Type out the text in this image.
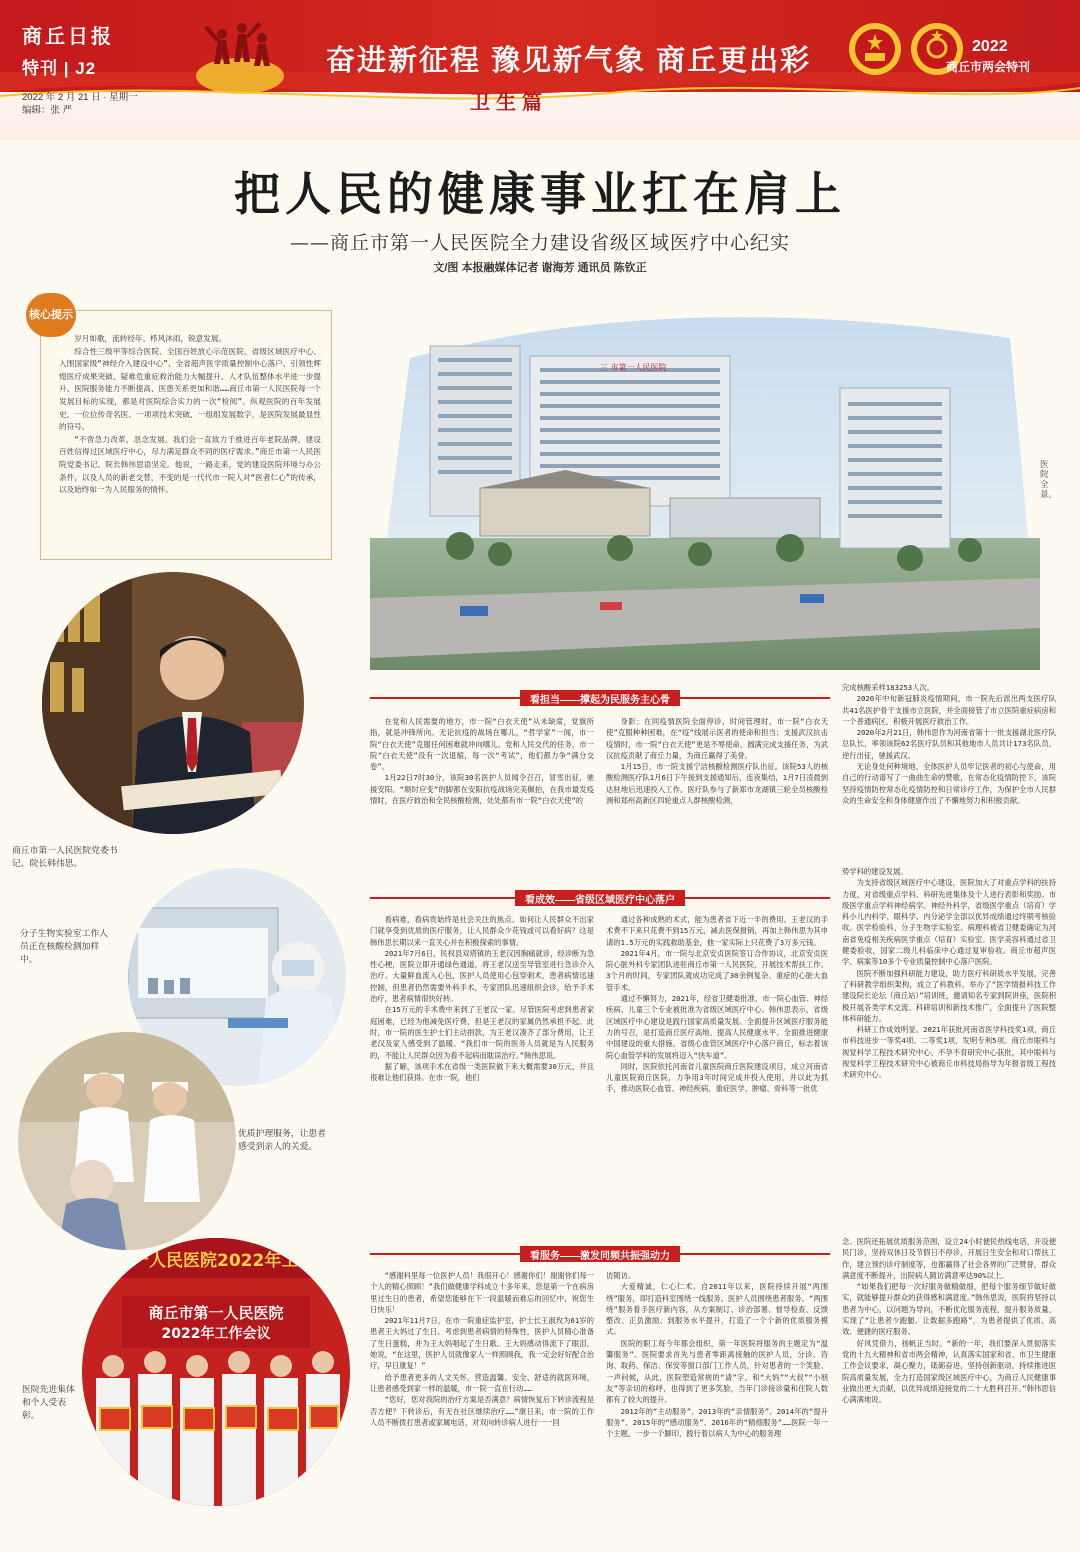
商丘日报
特刊 | J2
2022 年 2 月 21 日 · 星期一
编辑：张 严
奋进新征程 豫见新气象 商丘更出彩	2022
商丘市两会特刊
卫生篇
把人民的健康事业扛在肩上
——商丘市第一人民医院全力建设省级区域医疗中心纪实
文/图 本报融媒体记者 谢海芳 通讯员 陈钦正

岁月如歌，流转经年。栉风沐雨，锐意发展。

综合性三级甲等综合医院、全国百姓放心示范医院、省级区域医疗中心、入围国家级“神经介入建设中心”、全省超声医学质量控制中心落户、引领性辉煌医疗成果突破、疑难危重症救治能力大幅提升、人才队伍整体水平进一步提升、医院服务能力不断提高、医患关系更加和谐……商丘市第一人民医院每一个发展目标的实现，都是对医院综合实力的一次“检阅”。纵观医院的百年发展史，一位位传奇名医、一项项技术突破、一组组发展数字，是医院发展最显性的符号。

“不啻急力改革，忽念发展。我们会一直致力于推进百年老院品牌，建设百姓信得过区域医疗中心，尽力满足群众不同的医疗需求。”商丘市第一人民医院党委书记、院长韩伟思语坚定。他说，一路走来，党的建设医院环境与办公条件，以及人员的新老交替，不变的是一代代市一院人对“医者仁心”的传承，以及始终如一为人民服务的情怀。

核心提示
三 市第一人民医院
医院全景。
商丘市第一人民医院党委书记、院长韩伟思。
分子生物实验室工作人员正在核酸检测加样中。
优质护理服务，让患者感受到亲人的关爱。
市第一人民医院2022年工
商丘市第一人民医院
2022年工作会议
医院先进集体和个人受表彰。
看担当——撑起为民服务主心骨

在党和人民需要的地方，市一院“白衣天使”从未缺席，党旗所指，就是冲锋所向。无论抗疫的战场在哪儿，“哲学家”一闻，市一院“白衣天使”克服任何困难就冲向哪儿。党和人民交代的任务，市一院“白衣天使”没有一次退缩，每一次“考试”，他们都力争“满分交卷”。

1月22日7时30分，该院30名医护人员闻令召召，冒雪出征，驰援安阳。“顺时应变”的脚都在安阳抗疫战场完美佩拍，在我市最发疫情时，在医疗救治和全民核酸检测，处处都有市一院“白衣天使”的

身影；在同疫情医院全面停诊，时间管理时，市一院“白衣天使”克服种种困难，在“疫”线展示医者的使命和担当；支援武汉抗击疫情时，市一院“白衣天使”更是不辱使命，圆满完成支援任务，为武汉抗疫贡献了商丘力量，为商丘赢得了美誉。

1月15日，市一院支援宁洁核酸检测医疗队出征。该院53人的核酸检测医疗队1月6日下午接到支援通知后，连夜集结，1月7日凌晨到达驻地后迅速投入工作。医疗队参与了新郑市龙湖镇三轮全员核酸检测和郑州高新区四轮重点人群核酸检测，

完成核酸采样183253人次。

2020年中旬新冠肺炎疫情期间，市一院先后派出两支医疗队共41名医护骨干支援市立医院，并全面接管了市立医院重症病房和一个普通病区，积极开展医疗救治工作。

2020年2月21日，韩伟思作为河南省第十一批支援湖北医疗队总队长，率领该院62名医疗队员和其他地市人员共计173名队员，逆行出征，驰援武汉。

无论身处何种境地，全体医护人员牢记医者的初心与使命，用自己的行动谱写了一曲曲生命的赞歌，在常态化疫情防控下，该院坚持疫情防控常态化疫情防控和日常诊疗工作，为保护全市人民群众的生命安全和身体健康作出了不懈地努力和积极贡献。

看成效——省级区域医疗中心落户

看病难，看病贵始终是社会关注的焦点。如何让人民群众不出家门就享受到优质的医疗服务，让人民群众少花钱或可以看好病？这是韩伟思长期以来一直关心并在积极探索的事情。

2021年7月6日，民权县双塔镇的王老汉因胸痛就诊，经诊断为急性心梗，医院立即开通绿色通道，将王老汉送至导管室进行急诊介入治疗。大量鲜血流入心包，医护人员使用心包穿刺术，患者病情迅速控制，但患者仍然需要外科手术，专家团队迅速组织会诊，给予手术治疗，患者病情很快好转。

在15万元的手术费中来到了王老汉一家。尽管医院考虑到患者家庭困难，已经为他减免医疗费，但是王老汉的家属仍然承担不起。此时，市一院的医生护士们主动捐款，为王老汉凑齐了部分费用，让王老汉及家人感受到了温暖。“我们市一院的医务人员就是为人民服务的，不能让人民群众因为看不起病而耽误治疗。”韩伟思说。

据了解，该项手术在省级一类医院做下来大概需要30万元，并且很难让他们获得。在市一院，他们

通过各种成熟的术式，能为患者省下近一半的费用。王老汉的手术费不下来只花费不到15万元，减去医保报销，再加上韩伟思为其申请的1.5万元的实践救助基金，他一家实际上只花费了3万多元钱。

2021年4月，市一院与北京安贞医院签订合作协议，北京安贞医院心脏外科专家团队进驻商丘市第一人民医院，开展技术帮扶工作。3个月的时间，专家团队就成功完成了30余例复杂、重症的心脏大血管手术。

通过不懈努力，2021年，经省卫健委批准，市一院心血管、神经疾病、儿童三个专业被批准为省级区域医疗中心。韩伟思表示，省级区域医疗中心建设是践行国家高质量发展、全面提升区域医疗服务能力的号召，是打造商丘医疗高地、提高人民健康水平、全面推进健康中国建设的重大措施。省级心血管区域医疗中心落户商丘，标志着该院心血管学科的发展将迈入“快车道”。

同时，医院依托河南省儿童医院商丘医院建设项目，成立河南省儿童医院商丘医院，力争用3年时间完成并投入使用，并以此为抓手，推动医院心血管、神经疾病、重症医学、肿瘤、骨科等一批优

势学科的建设发展。

为支持省级区域医疗中心建设，医院加大了对重点学科的扶持力度，对省级重点学科、科研先进集体及个人进行表彰和奖励。市级医学重点学科神经病学、神经外科学，省级医学重点（培育）学科小儿内科学、眼科学、内分泌学全部以优异成绩通过终期考核验收。医学检验科、分子生物学实验室、病理科被省卫健委确定为河南省免疫相关疾病医学重点（培育）实验室。医学美容科通过省卫健委验收，国家二级儿科临床中心通过复审验收。商丘市超声医学、病案等10多个专业质量控制中心落户医院。

医院不断加强科研能力建设，助力医疗科研质水平发展，完善了科研教学组织架构，成立了科教科，举办了“医学情报科技工作建设院长论坛（商丘站）”培训班，邀请知名专家到院讲座，医院积极开展各类学术交流、科研培训和新技术推广，全面提升了医院整体科研能力。

科研工作成效明显。2021年获批河南省医学科技奖1项，商丘市科技进步一等奖4项、二等奖1项，发明专利5项。商丘市眼科与视觉科学工程技术研究中心、不孕不育研究中心获批，其中眼科与视觉科学工程技术研究中心被商丘市科技局指导为年报省级工程技术研究中心。

看服务——激发同频共振强动力

“感谢科里每一位医护人员！我很开心！感谢你们！谢谢你们每一个人的精心照顾！”我们做健康学科成立十多年来，您是第一个在病房里过生日的患者，希望您能够在下一段温暖而难忘的回忆中，祝您生日快乐！

2021年11月7日，在市一院重症监护室，护士长王淑玫为61岁的患者王大妈过了生日。考虑到患者病情的特殊性，医护人员精心准备了生日蛋糕，并为王大妈唱起了生日歌。王大妈感动得流下了眼泪，她说，“在这里，医护人员就像家人一样照顾我，我一定会好好配合治疗，早日康复！”

给予患者更多的人文关怀，营造温馨、安全、舒适的就医环境，让患者感受到家一样的温暖，市一院一直在行动……

“您好，您对我院的治疗方案是否满意？病情恢复后下转诊流程是否方便？下转诊后，有无在社区继续治疗……”康日来，市一院的工作人员不断拨打患者或家属电话，对双向转诊病人进行一一回

访随访。

大爱精诚，仁心仁术。自2011年以来，医院持续开展“两围绕”服务，即打造科室围绕一线服务、医护人员围绕患者服务。“两围绕”服务着手医疗新内容，从方案制订、诊治部署、督导检查、反馈整改、正负激励、到服务水平提升，打造了一个个新的优质服务模式。

医院的职工每今年都会组织，第一年医院将服务的主题定为“温馨服务”。医院要求首先与患者零距离接触的医护人员，分诊、咨询、取药、保洁、保安等窗口部门工作人员，针对患者的一个笑脸、一声问候，从此，医院塑造常规的“请”字、和“大妈”“大叔”“小朋友”等亲切的称呼，也得到了更多笑脸，当年门诊接诊量和住院人数都有了较大的提升。

2012年的“主动服务”、2013年的“亲情服务”、2014年的“提升服务”、2015年的“感动服务”、2016年的“精细服务”……医院一年一个主题，一步一个脚印，践行着以病人为中心的服务理

念。医院还拓展优质服务范围，设立24小时便民热线电话，开设便民门诊，坚持双休日及节假日不停诊，开展日生安全和对口帮扶工作，建立预约诊疗制度等，也都赢得了社会各界的广泛赞誉，群众满意度不断提升，出院病人随访满意率达90%以上。

“如果我们把每一次好服务做精做细，把每个服务细节做好做实，就能够提升群众的获得感和满意度。”韩伟思说，医院将坚持以患者为中心，以问题为导向，不断优化服务流程，提升服务质量，实现了“让患者少跑腿、让数据多跑路”，为患者提供了优质、高效、便捷的医疗服务。

好风凭借力，扬帆正当时。“新的一年，我们要深入贯彻落实党的十九大精神和省市两会精神，认真落实国家和省、市卫生健康工作会议要求，凝心聚力，砥砺奋进，坚持创新驱动，持续推进医院高质量发展，全力打造国家级区域医疗中心，为商丘人民健康事业做出更大贡献，以优异成绩迎接党的二十大胜利召开。”韩伟思信心满满地说。
